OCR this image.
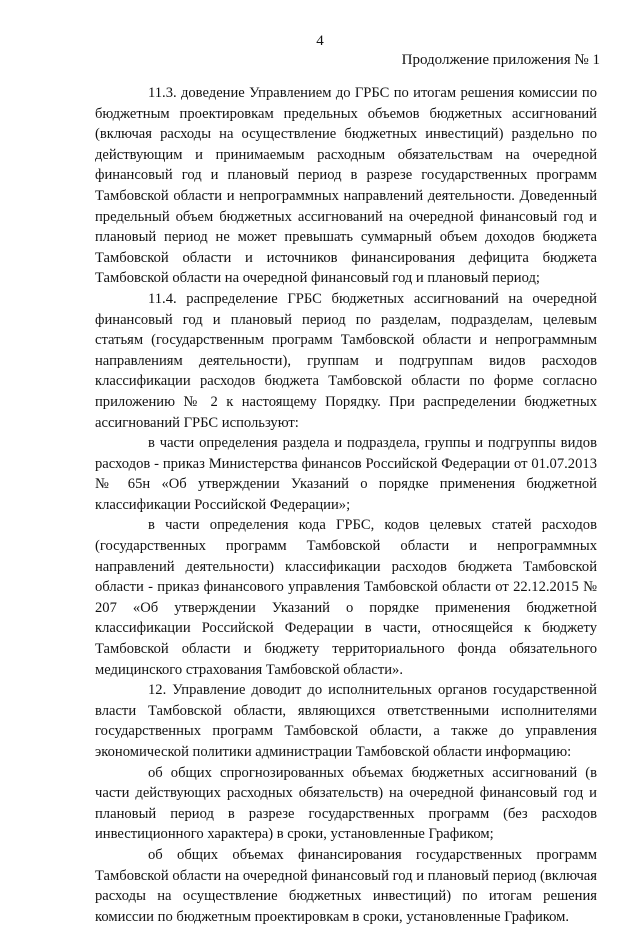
4
Продолжение приложения № 1

11.3. доведение Управлением до ГРБС по итогам решения комиссии по бюджетным проектировкам предельных объемов бюджетных ассигнований (включая расходы на осуществление бюджетных инвестиций) раздельно по действующим и принимаемым расходным обязательствам на очередной финансовый год и плановый период в разрезе государственных программ Тамбовской области и непрограммных направлений деятельности. Доведенный предельный объем бюджетных ассигнований на очередной финансовый год и плановый период не может превышать суммарный объем доходов бюджета Тамбовской области и источников финансирования дефицита бюджета Тамбовской области на очередной финансовый год и плановый период;

11.4. распределение ГРБС бюджетных ассигнований на очередной финансовый год и плановый период по разделам, подразделам, целевым статьям (государственным программ Тамбовской области и непрограммным направлениям деятельности), группам и подгруппам видов расходов классификации расходов бюджета Тамбовской области по форме согласно приложению № 2 к настоящему Порядку. При распределении бюджетных ассигнований ГРБС используют:

в части определения раздела и подраздела, группы и подгруппы видов расходов - приказ Министерства финансов Российской Федерации от 01.07.2013 № 65н «Об утверждении Указаний о порядке применения бюджетной классификации Российской Федерации»;

в части определения кода ГРБС, кодов целевых статей расходов (государственных программ Тамбовской области и непрограммных направлений деятельности) классификации расходов бюджета Тамбовской области - приказ финансового управления Тамбовской области от 22.12.2015 № 207 «Об утверждении Указаний о порядке применения бюджетной классификации Российской Федерации в части, относящейся к бюджету Тамбовской области и бюджету территориального фонда обязательного медицинского страхования Тамбовской области».

12. Управление доводит до исполнительных органов государственной власти Тамбовской области, являющихся ответственными исполнителями государственных программ Тамбовской области, а также до управления экономической политики администрации Тамбовской области информацию:

об общих спрогнозированных объемах бюджетных ассигнований (в части действующих расходных обязательств) на очередной финансовый год и плановый период в разрезе государственных программ (без расходов инвестиционного характера) в сроки, установленные Графиком;

об общих объемах финансирования государственных программ Тамбовской области на очередной финансовый год и плановый период (включая расходы на осуществление бюджетных инвестиций) по итогам решения комиссии по бюджетным проектировкам в сроки, установленные Графиком.
